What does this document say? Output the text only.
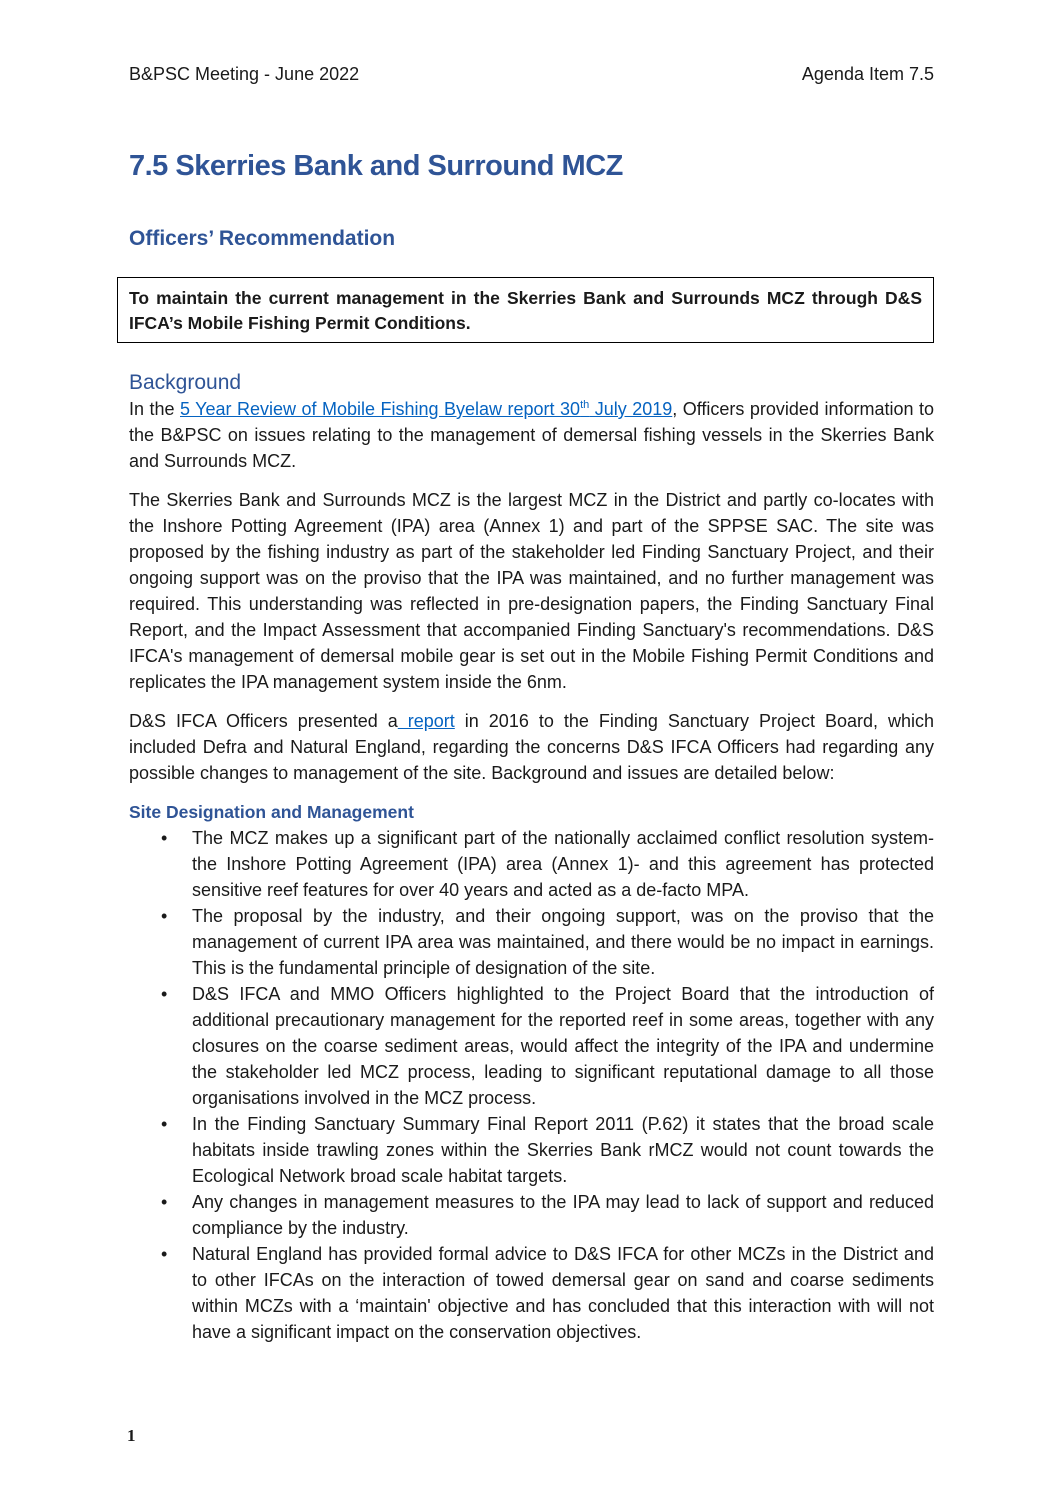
B&PSC Meeting - June 2022	Agenda Item 7.5
7.5 Skerries Bank and Surround MCZ
Officers’ Recommendation
To maintain the current management in the Skerries Bank and Surrounds MCZ through D&S IFCA’s Mobile Fishing Permit Conditions.
Background

In the 5 Year Review of Mobile Fishing Byelaw report 30th July 2019, Officers provided information to the B&PSC on issues relating to the management of demersal fishing vessels in the Skerries Bank and Surrounds MCZ.

The Skerries Bank and Surrounds MCZ is the largest MCZ in the District and partly co-locates with the Inshore Potting Agreement (IPA) area (Annex 1) and part of the SPPSE SAC. The site was proposed by the fishing industry as part of the stakeholder led Finding Sanctuary Project, and their ongoing support was on the proviso that the IPA was maintained, and no further management was required. This understanding was reflected in pre-designation papers, the Finding Sanctuary Final Report, and the Impact Assessment that accompanied Finding Sanctuary's recommendations. D&S IFCA's management of demersal mobile gear is set out in the Mobile Fishing Permit Conditions and replicates the IPA management system inside the 6nm.

D&S IFCA Officers presented a report in 2016 to the Finding Sanctuary Project Board, which included Defra and Natural England, regarding the concerns D&S IFCA Officers had regarding any possible changes to management of the site. Background and issues are detailed below:

Site Designation and Management
• The MCZ makes up a significant part of the nationally acclaimed conflict resolution system- the Inshore Potting Agreement (IPA) area (Annex 1)- and this agreement has protected sensitive reef features for over 40 years and acted as a de-facto MPA.
• The proposal by the industry, and their ongoing support, was on the proviso that the management of current IPA area was maintained, and there would be no impact in earnings. This is the fundamental principle of designation of the site.
• D&S IFCA and MMO Officers highlighted to the Project Board that the introduction of additional precautionary management for the reported reef in some areas, together with any closures on the coarse sediment areas, would affect the integrity of the IPA and undermine the stakeholder led MCZ process, leading to significant reputational damage to all those organisations involved in the MCZ process.
• In the Finding Sanctuary Summary Final Report 2011 (P.62) it states that the broad scale habitats inside trawling zones within the Skerries Bank rMCZ would not count towards the Ecological Network broad scale habitat targets.
• Any changes in management measures to the IPA may lead to lack of support and reduced compliance by the industry.
• Natural England has provided formal advice to D&S IFCA for other MCZs in the District and to other IFCAs on the interaction of towed demersal gear on sand and coarse sediments within MCZs with a ‘maintain' objective and has concluded that this interaction with will not have a significant impact on the conservation objectives.
1
